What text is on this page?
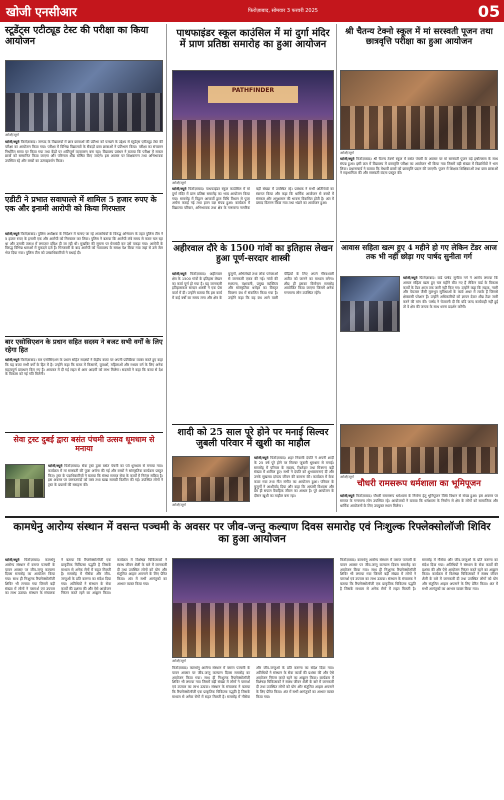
खोजी एनसीआर	फिरोज़ाबाद, सोमवार 3 फरवरी 2025	05
स्टूडेंट्स एटीट्यूड टेस्ट की परीक्षा का किया आयोजन
खोजी/ब्यूरो
खोजी/ब्यूरो फिरोज़ाबाद। जनपद के विद्यालयों में छात्र छात्राओं की प्रतिभा को परखने के उद्देश्य से स्टूडेंट्स एटीट्यूड टेस्ट की परीक्षा का आयोजन किया गया। परीक्षा में विभिन्न विद्यालयों के सैकड़ों छात्र छात्राओं ने प्रतिभाग किया। परीक्षा का संचालन निर्धारित समय पर किया गया तथा केंद्रों पर शांतिपूर्ण वातावरण बना रहा। विद्यालय प्रबंधन ने बताया कि परीक्षा में सफल छात्रों को सम्मानित किया जाएगा और परिणाम शीघ्र घोषित किए जाएंगे। इस अवसर पर शिक्षकगण तथा अभिभावक उपस्थित रहे और बच्चों का उत्साहवर्धन किया।
पाथफाइंडर स्कूल काउंसिल में मां दुर्गा मंदिर में प्राण प्रतिष्ठा समारोह का हुआ आयोजन
PATHFINDER
खोजी/ब्यूरो
खोजी/ब्यूरो फिरोज़ाबाद। पाथफाइंडर स्कूल काउंसिल में मां दुर्गा मंदिर में प्राण प्रतिष्ठा समारोह का भव्य आयोजन किया गया। समारोह में विद्वान आचार्यों द्वारा विधि विधान से पूजा अर्चना कराई गई तथा हवन यज्ञ संपन्न हुआ। कार्यक्रम में विद्यालय परिवार, अभिभावक तथा क्षेत्र के गणमान्य नागरिक बड़ी संख्या में उपस्थित रहे। प्रबंधक ने सभी अतिथियों का स्वागत किया और कहा कि धार्मिक आयोजन से बच्चों में संस्कार और अनुशासन की भावना विकसित होती है। अंत में प्रसाद वितरण किया गया तथा भंडारे का आयोजन हुआ।
श्री चैतन्य टेक्नो स्कूल में मां सरस्वती पूजन तथा छात्रवृत्ति परीक्षा का हुआ आयोजन
खोजी/ब्यूरो
खोजी/ब्यूरो फिरोज़ाबाद। श्री चैतन्य टेक्नो स्कूल में बसंत पंचमी के अवसर पर मां सरस्वती पूजन बड़े हर्षोल्लास के साथ संपन्न हुआ। इसी क्रम में विद्यालय में छात्रवृत्ति परीक्षा का आयोजन भी किया गया जिसमें बड़ी संख्या में विद्यार्थियों ने भाग लिया। प्रधानाचार्य ने बताया कि मेधावी छात्रों को छात्रवृत्ति प्रदान की जाएगी। पूजन में शिक्षक शिक्षिकाओं तथा छात्र छात्राओं ने सहभागिता की और सरस्वती वंदना प्रस्तुत की।
एडीटी ने प्रभात सवाघाल्ते में शामिल 5 हजार रुपए के एक और इनामी आरोपी को किया गिरफ्तार
खोजी/ब्यूरो फिरोज़ाबाद। पुलिस अधीक्षक के निर्देशन में चलाए जा रहे अपराधियों के विरुद्ध अभियान के तहत पुलिस टीम ने 5 हजार रुपए के इनामी एक और आरोपी को गिरफ्तार कर लिया। पुलिस ने बताया कि आरोपी लंबे समय से फरार चल रहा था और उसकी तलाश में लगातार दबिश दी जा रही थी। मुखबिर की सूचना पर घेराबंदी कर उसे पकड़ा गया। आरोपी के विरुद्ध विभिन्न धाराओं में मुकदमे दर्ज हैं। गिरफ्तारी के बाद आरोपी को न्यायालय के समक्ष पेश किया गया जहां से उसे जेल भेज दिया गया। पुलिस टीम को उच्चाधिकारियों ने बधाई दी।
बार एसोसिएशन के प्रधान सहित सदस्य ने बजट सभी वर्गों के लिए रहेगा हित
खोजी/ब्यूरो फिरोज़ाबाद। बार एसोसिएशन के प्रधान सहित सदस्यों ने केंद्रीय बजट पर अपनी प्रतिक्रिया व्यक्त करते हुए कहा कि यह बजट सभी वर्गों के हित में है। उन्होंने कहा कि बजट में किसानों, युवाओं, महिलाओं और मध्यम वर्ग के लिए अनेक महत्वपूर्ण प्रावधान किए गए हैं। आयकर में दी गई राहत से आम आदमी को लाभ मिलेगा। सदस्यों ने कहा कि बजट से देश के विकास को नई गति मिलेगी।
सेवा ट्रस्ट दुबई द्वारा बसंत पंचमी उत्सव धूमधाम से मनाया
खोजी/ब्यूरो फिरोज़ाबाद। सेवा ट्रस्ट द्वारा बसंत पंचमी का पर्व धूमधाम से मनाया गया। कार्यक्रम में मां सरस्वती की पूजा अर्चना की गई और बच्चों ने सांस्कृतिक कार्यक्रम प्रस्तुत किए। ट्रस्ट के पदाधिकारियों ने बताया कि संस्था समाज सेवा के कार्यों में निरंतर सक्रिय है। इस अवसर पर जरूरतमंदों को वस्त्र तथा खाद्य सामग्री वितरित की गई। उपस्थित लोगों ने ट्रस्ट के प्रयासों की सराहना की।
अहीरवाल दौरे के 1500 गांवों का इतिहास लेखन हुआ पूर्ण-सरदार शास्त्री
खोजी/ब्यूरो फिरोज़ाबाद। अहीरवाल क्षेत्र के 1500 गांवों के इतिहास लेखन का कार्य पूर्ण हो गया है। यह जानकारी इतिहासकार सरदार शास्त्री ने एक प्रेस वार्ता में दी। उन्होंने बताया कि इस कार्य में कई वर्षों का समय लगा और क्षेत्र के बुजुर्गों, अभिलेखों तथा लोक परंपराओं से जानकारी एकत्र की गई। गांवों की स्थापना, वंशावली, प्रमुख व्यक्तित्व और सांस्कृतिक धरोहर का विस्तृत विवरण ग्रंथ में संकलित किया गया है। उन्होंने कहा कि यह ग्रंथ आने वाली पीढ़ियों के लिए अपने गौरवशाली अतीत को जानने का माध्यम बनेगा। शीघ्र ही इसका विमोचन समारोह आयोजित किया जाएगा जिसमें अनेक गणमान्य लोग उपस्थित रहेंगे।
आवास सहिता खत्म हुए 4 महीने हो गए लेकिन टेंडर आज तक भी नहीं छोड़ा गए पार्षद सुनीता गर्ग
खोजी/ब्यूरो फिरोज़ाबाद। वार्ड पार्षद सुनीता गर्ग ने आरोप लगाया कि आचार संहिता खत्म हुए चार महीने बीत गए हैं लेकिन वार्ड के विकास कार्यों के टेंडर आज तक जारी नहीं किए गए। उन्होंने कहा कि सड़क, नाली और पेयजल जैसी मूलभूत सुविधाओं के कार्य अधर में लटके हैं जिससे क्षेत्रवासी परेशान हैं। उन्होंने अधिकारियों को ज्ञापन देकर शीघ्र टेंडर जारी करने की मांग की। पार्षद ने चेतावनी दी कि यदि जल्द कार्यवाही नहीं हुई तो वे क्षेत्र की जनता के साथ धरना प्रदर्शन करेंगी।
शादी को 25 साल पूरे होने पर मनाई सिल्वर जुबली परिवार में खुशी का माहौल
खोजी/ब्यूरो
खोजी/ब्यूरो फिरोज़ाबाद। शहर निवासी दंपति ने अपनी शादी के 25 वर्ष पूरे होने पर सिल्वर जुबली धूमधाम से मनाई। समारोह में परिवार के सदस्य, रिश्तेदार तथा मित्रगण बड़ी संख्या में शामिल हुए। सभी ने दंपति को शुभकामनाएं दीं और उनके सुखमय दांपत्य जीवन की कामना की। कार्यक्रम में केक काटा गया तथा गीत संगीत का आयोजन हुआ। परिवार के बुजुर्गों ने आशीर्वाद दिया और कहा कि आपसी विश्वास और प्रेम ही सफल वैवाहिक जीवन का आधार है। पूरे आयोजन के दौरान खुशी का माहौल बना रहा।
खोजी/ब्यूरो
चौधरी रामसरूप धर्मशाला का भूमिपूजन
खोजी/ब्यूरो फिरोज़ाबाद। चौधरी रामसरूप धर्मशाला के निर्माण हेतु भूमिपूजन विधि विधान से संपन्न हुआ। इस अवसर पर समाज के गणमान्य लोग उपस्थित रहे। आयोजकों ने बताया कि धर्मशाला के निर्माण से क्षेत्र के लोगों को सामाजिक और धार्मिक आयोजनों के लिए उपयुक्त स्थान मिलेगा।
कामधेनु आरोग्य संस्थान में वसन्त पञ्चमी के अवसर पर जीव-जन्तु कल्याण दिवस समारोह एवं निःशुल्क रिफ्लेक्सोलॉजी शिविर का हुआ आयोजन
खोजी/ब्यूरो
खोजी/ब्यूरो फिरोज़ाबाद। कामधेनु आरोग्य संस्थान में वसन्त पञ्चमी के पावन अवसर पर जीव-जन्तु कल्याण दिवस समारोह का आयोजन किया गया। साथ ही निःशुल्क रिफ्लेक्सोलॉजी शिविर भी लगाया गया जिसमें बड़ी संख्या में लोगों ने परामर्श एवं उपचार का लाभ उठाया। संस्थान के संचालक ने बताया कि रिफ्लेक्सोलॉजी एक प्राकृतिक चिकित्सा पद्धति है जिसके माध्यम से अनेक रोगों में राहत मिलती है। समारोह में गौसेवा और जीव-जन्तुओं के प्रति करुणा का संदेश दिया गया। अतिथियों ने संस्थान के सेवा कार्यों की प्रशंसा की और ऐसे आयोजन निरंतर करते रहने का आह्वान किया। कार्यक्रम में विशेषज्ञ चिकित्सकों ने स्वस्थ जीवन शैली के बारे में जानकारी दी तथा उपस्थित लोगों को योग और संतुलित आहार अपनाने के लिए प्रेरित किया। अंत में सभी आगंतुकों का आभार व्यक्त किया गया।
फिरोज़ाबाद। कामधेनु आरोग्य संस्थान में वसन्त पञ्चमी के पावन अवसर पर जीव-जन्तु कल्याण दिवस समारोह का आयोजन किया गया। साथ ही निःशुल्क रिफ्लेक्सोलॉजी शिविर भी लगाया गया जिसमें बड़ी संख्या में लोगों ने परामर्श एवं उपचार का लाभ उठाया। संस्थान के संचालक ने बताया कि रिफ्लेक्सोलॉजी एक प्राकृतिक चिकित्सा पद्धति है जिसके माध्यम से अनेक रोगों में राहत मिलती है। समारोह में गौसेवा और जीव-जन्तुओं के प्रति करुणा का संदेश दिया गया। अतिथियों ने संस्थान के सेवा कार्यों की प्रशंसा की और ऐसे आयोजन निरंतर करते रहने का आह्वान किया। कार्यक्रम में विशेषज्ञ चिकित्सकों ने स्वस्थ जीवन शैली के बारे में जानकारी दी तथा उपस्थित लोगों को योग और संतुलित आहार अपनाने के लिए प्रेरित किया। अंत में सभी आगंतुकों का आभार व्यक्त किया गया।
फिरोज़ाबाद। कामधेनु आरोग्य संस्थान में वसन्त पञ्चमी के पावन अवसर पर जीव-जन्तु कल्याण दिवस समारोह का आयोजन किया गया। साथ ही निःशुल्क रिफ्लेक्सोलॉजी शिविर भी लगाया गया जिसमें बड़ी संख्या में लोगों ने परामर्श एवं उपचार का लाभ उठाया। संस्थान के संचालक ने बताया कि रिफ्लेक्सोलॉजी एक प्राकृतिक चिकित्सा पद्धति है जिसके माध्यम से अनेक रोगों में राहत मिलती है। समारोह में गौसेवा और जीव-जन्तुओं के प्रति करुणा का संदेश दिया गया। अतिथियों ने संस्थान के सेवा कार्यों की प्रशंसा की और ऐसे आयोजन निरंतर करते रहने का आह्वान किया। कार्यक्रम में विशेषज्ञ चिकित्सकों ने स्वस्थ जीवन शैली के बारे में जानकारी दी तथा उपस्थित लोगों को योग और संतुलित आहार अपनाने के लिए प्रेरित किया। अंत में सभी आगंतुकों का आभार व्यक्त किया गया।
